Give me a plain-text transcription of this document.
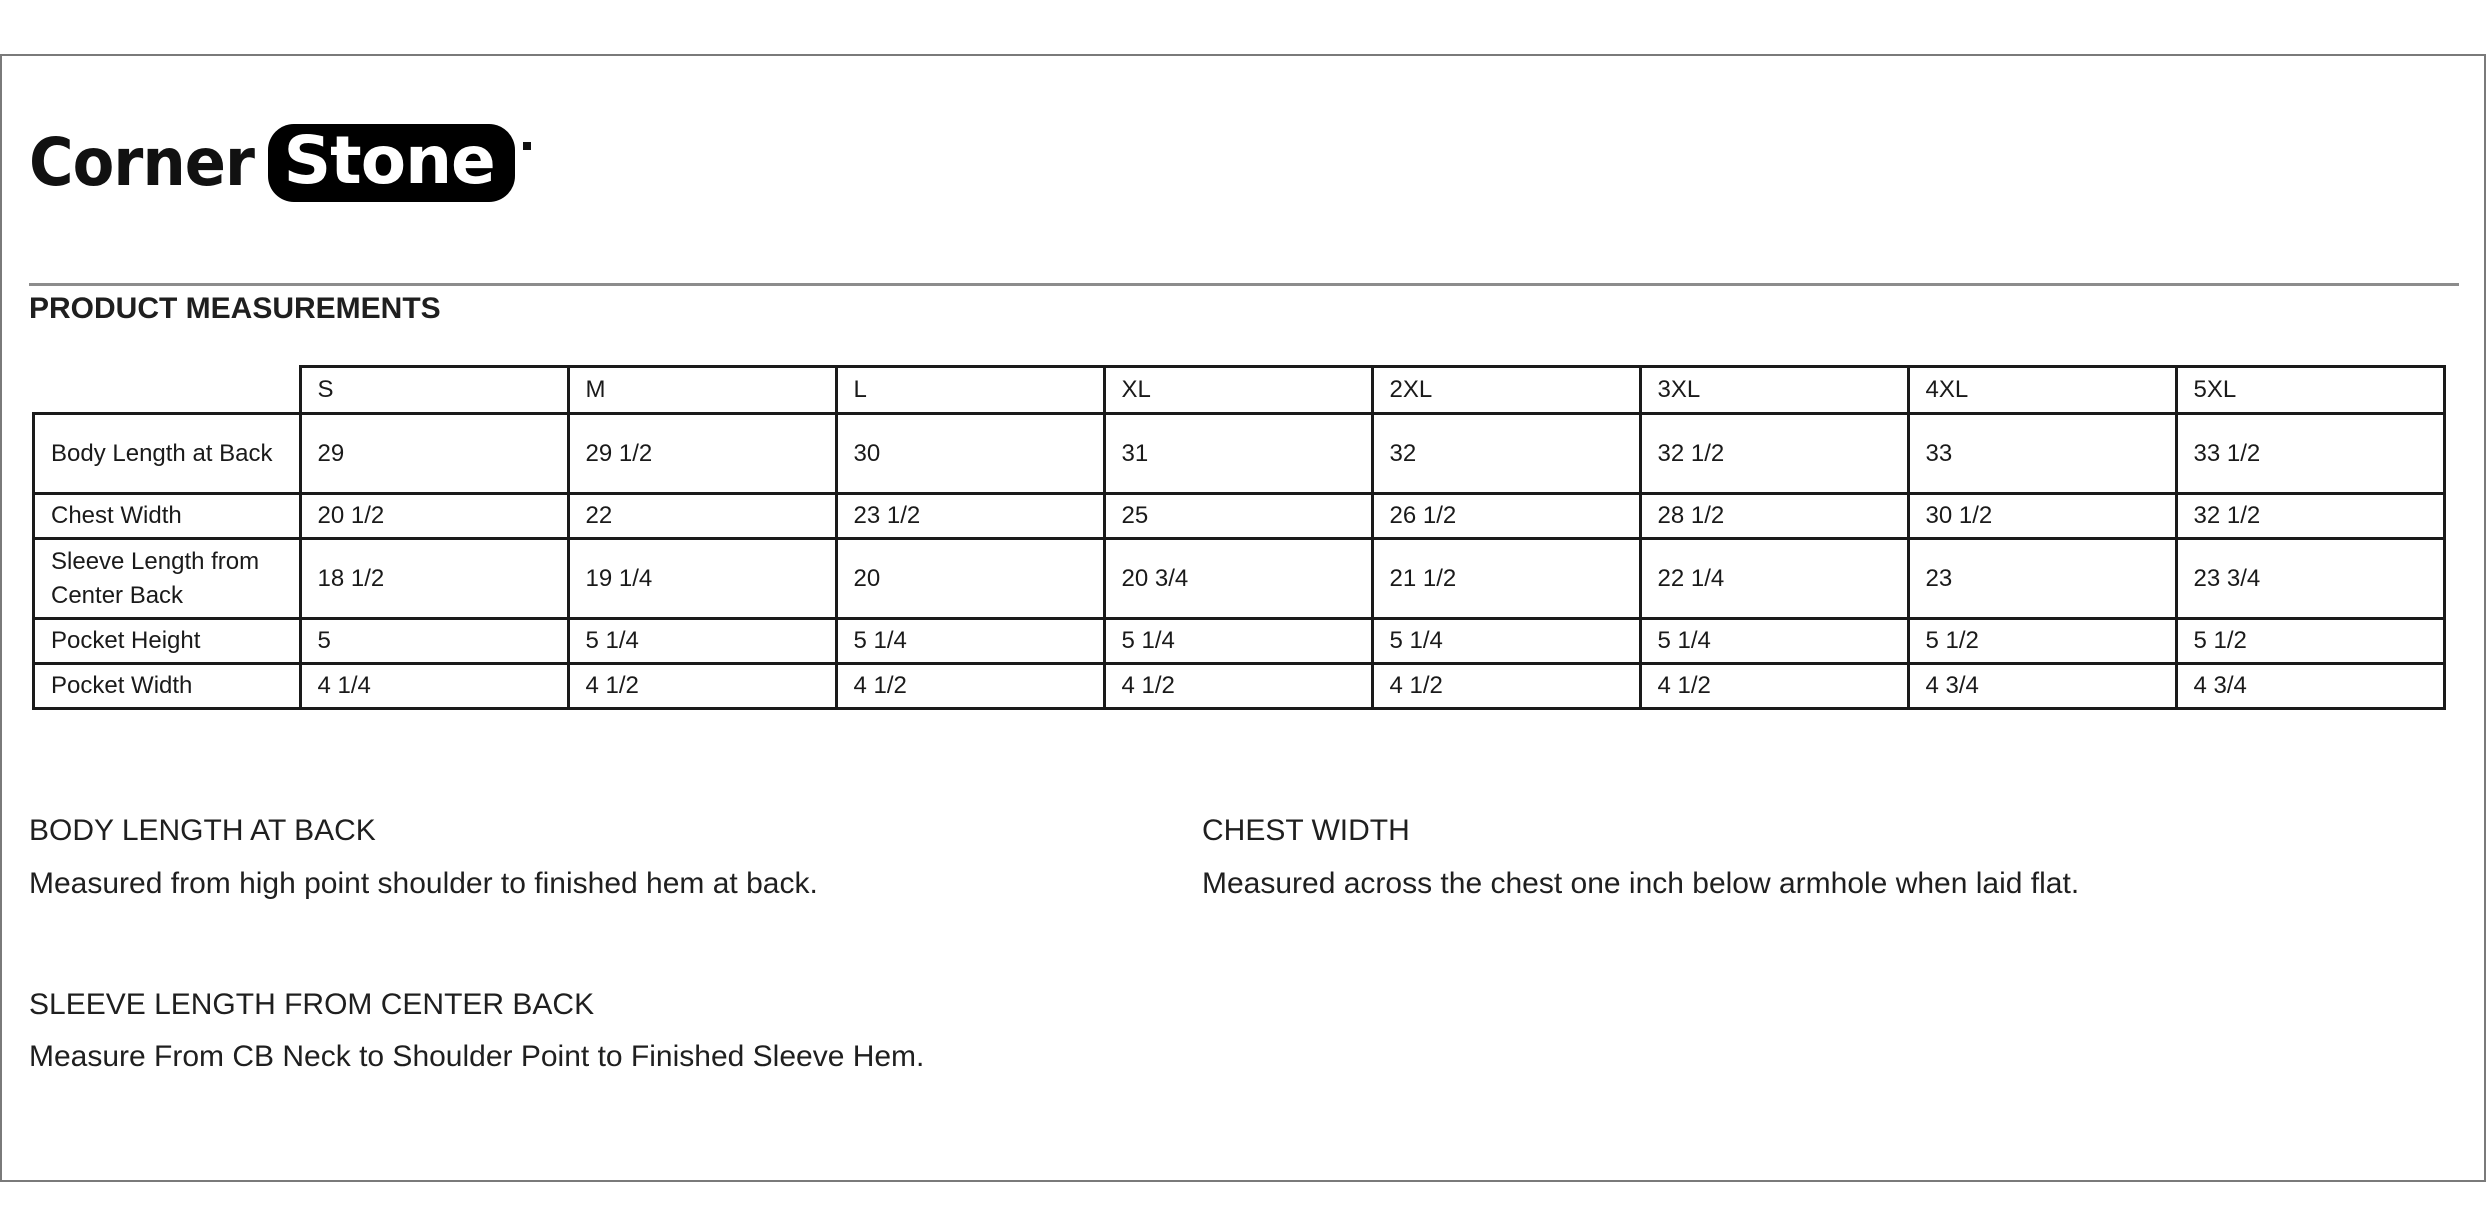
Corner Stone
PRODUCT MEASUREMENTS
	S	M	L	XL	2XL	3XL	4XL	5XL
Body Length at Back	29	29 1/2	30	31	32	32 1/2	33	33 1/2
Chest Width	20 1/2	22	23 1/2	25	26 1/2	28 1/2	30 1/2	32 1/2
Sleeve Length from Center Back	18 1/2	19 1/4	20	20 3/4	21 1/2	22 1/4	23	23 3/4
Pocket Height	5	5 1/4	5 1/4	5 1/4	5 1/4	5 1/4	5 1/2	5 1/2
Pocket Width	4 1/4	4 1/2	4 1/2	4 1/2	4 1/2	4 1/2	4 3/4	4 3/4
BODY LENGTH AT BACK
Measured from high point shoulder to finished hem at back.
CHEST WIDTH
Measured across the chest one inch below armhole when laid flat.
SLEEVE LENGTH FROM CENTER BACK
Measure From CB Neck to Shoulder Point to Finished Sleeve Hem.
